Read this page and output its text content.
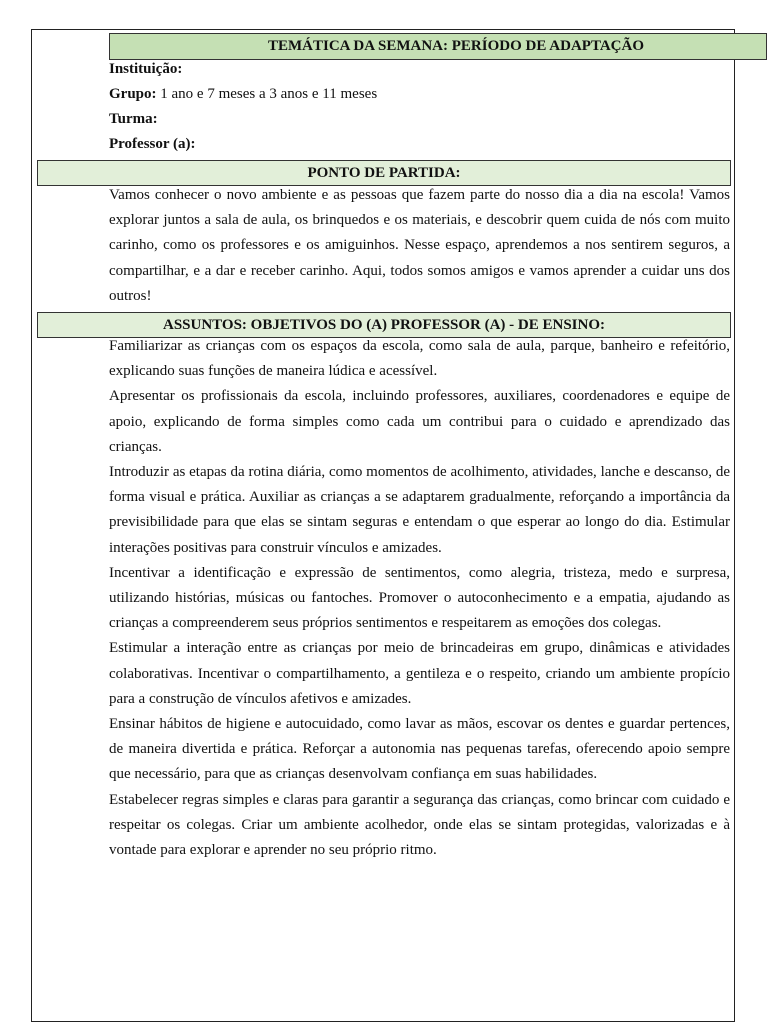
TEMÁTICA DA SEMANA: PERÍODO DE ADAPTAÇÃO
Instituição:
Grupo: 1 ano e 7 meses a 3 anos e 11 meses
Turma:
Professor (a):
PONTO DE PARTIDA:
Vamos conhecer o novo ambiente e as pessoas que fazem parte do nosso dia a dia na escola! Vamos explorar juntos a sala de aula, os brinquedos e os materiais, e descobrir quem cuida de nós com muito carinho, como os professores e os amiguinhos. Nesse espaço, aprendemos a nos sentirem seguros, a compartilhar, e a dar e receber carinho. Aqui, todos somos amigos e vamos aprender a cuidar uns dos outros!
ASSUNTOS: OBJETIVOS DO (A) PROFESSOR (A) - DE ENSINO:

Familiarizar as crianças com os espaços da escola, como sala de aula, parque, banheiro e refeitório, explicando suas funções de maneira lúdica e acessível.

Apresentar os profissionais da escola, incluindo professores, auxiliares, coordenadores e equipe de apoio, explicando de forma simples como cada um contribui para o cuidado e aprendizado das crianças.

Introduzir as etapas da rotina diária, como momentos de acolhimento, atividades, lanche e descanso, de forma visual e prática. Auxiliar as crianças a se adaptarem gradualmente, reforçando a importância da previsibilidade para que elas se sintam seguras e entendam o que esperar ao longo do dia. Estimular interações positivas para construir vínculos e amizades.

Incentivar a identificação e expressão de sentimentos, como alegria, tristeza, medo e surpresa, utilizando histórias, músicas ou fantoches. Promover o autoconhecimento e a empatia, ajudando as crianças a compreenderem seus próprios sentimentos e respeitarem as emoções dos colegas.

Estimular a interação entre as crianças por meio de brincadeiras em grupo, dinâmicas e atividades colaborativas. Incentivar o compartilhamento, a gentileza e o respeito, criando um ambiente propício para a construção de vínculos afetivos e amizades.

Ensinar hábitos de higiene e autocuidado, como lavar as mãos, escovar os dentes e guardar pertences, de maneira divertida e prática. Reforçar a autonomia nas pequenas tarefas, oferecendo apoio sempre que necessário, para que as crianças desenvolvam confiança em suas habilidades.

Estabelecer regras simples e claras para garantir a segurança das crianças, como brincar com cuidado e respeitar os colegas. Criar um ambiente acolhedor, onde elas se sintam protegidas, valorizadas e à vontade para explorar e aprender no seu próprio ritmo.
